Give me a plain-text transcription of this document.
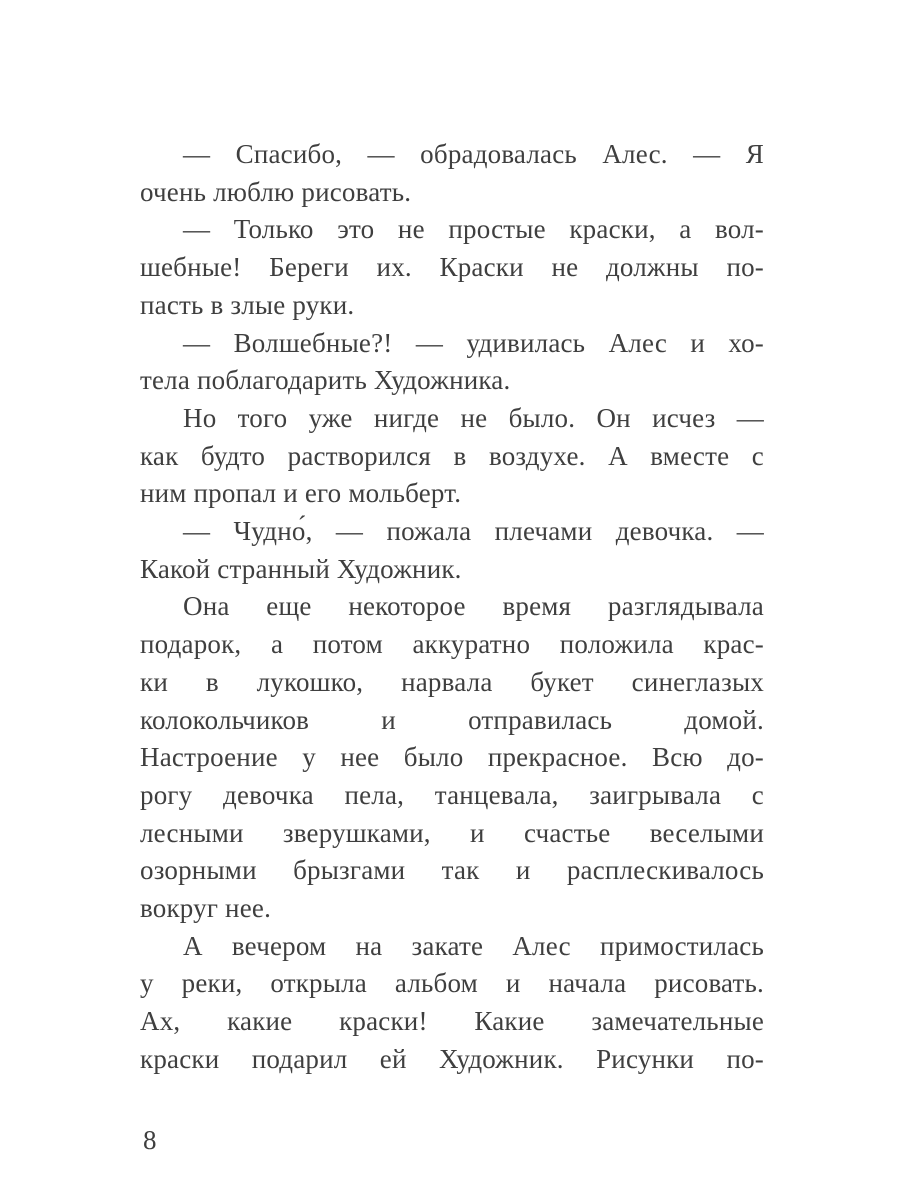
— Спасибо, — обрадовалась Алес. — Я
очень люблю рисовать.
— Только это не простые краски, а вол-
шебные! Береги их. Краски не должны по-
пасть в злые руки.
— Волшебные?! — удивилась Алес и хо-
тела поблагодарить Художника.
Но того уже нигде не было. Он исчез —
как будто растворился в воздухе. А вместе с
ним пропал и его мольберт.
— Чудно́, — пожала плечами девочка. —
Какой странный Художник.
Она еще некоторое время разглядывала
подарок, а потом аккуратно положила крас-
ки в лукошко, нарвала букет синеглазых
колокольчиков и отправилась домой.
Настроение у нее было прекрасное. Всю до-
рогу девочка пела, танцевала, заигрывала с
лесными зверушками, и счастье веселыми
озорными брызгами так и расплескивалось
вокруг нее.
А вечером на закате Алес примостилась
у реки, открыла альбом и начала рисовать.
Ах, какие краски! Какие замечательные
краски подарил ей Художник. Рисунки по-
8
